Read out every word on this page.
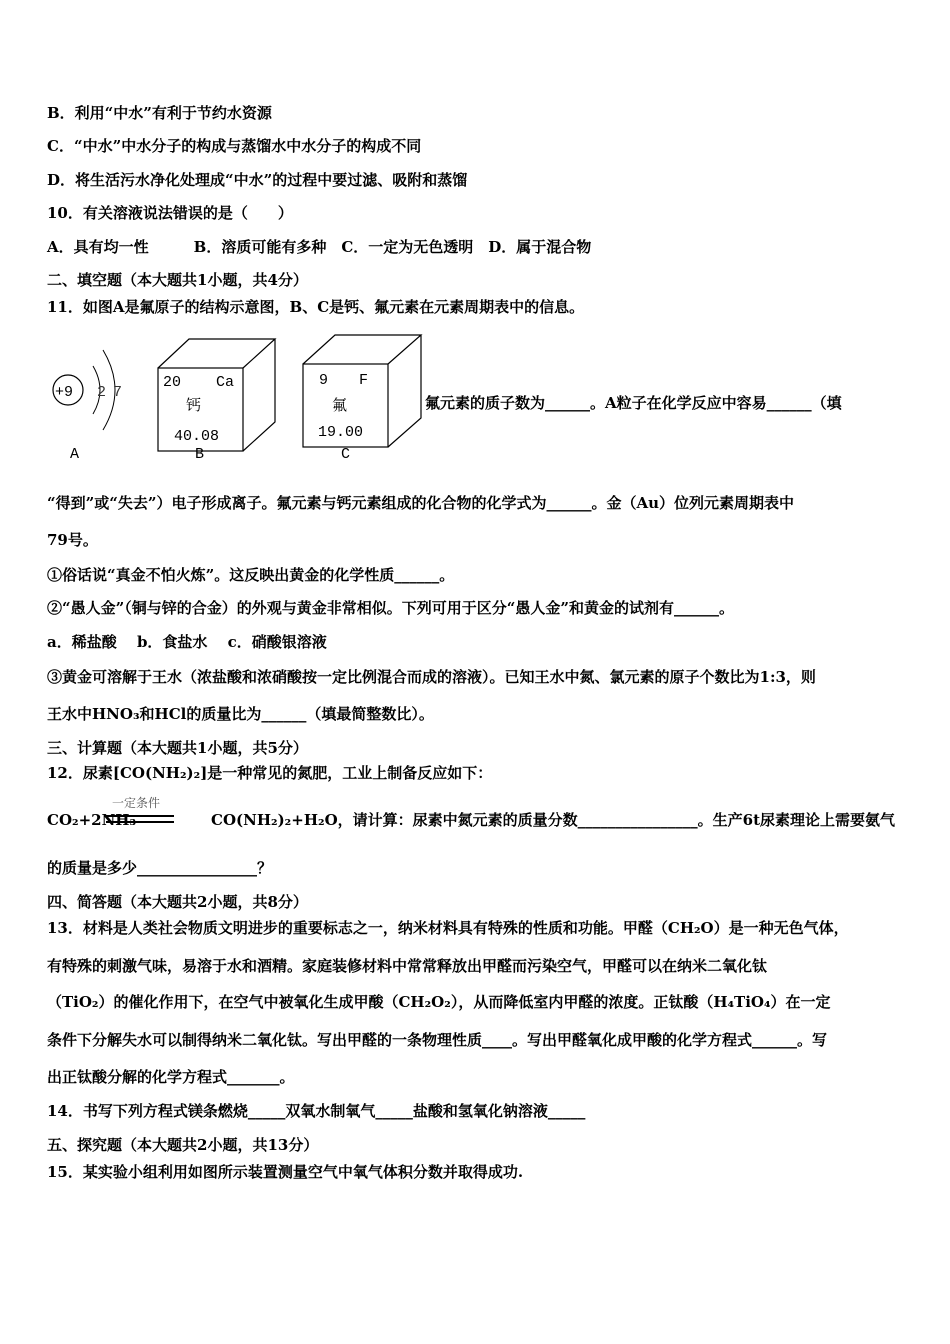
B．利用“中水”有利于节约水资源
C．“中水”中水分子的构成与蒸馏水中水分子的构成不同
D．将生活污水净化处理成“中水”的过程中要过滤、吸附和蒸馏
10．有关溶液说法错误的是（　　）
A．具有均一性　　　B．溶质可能有多种　C．一定为无色透明　D．属于混合物
二、填空题（本大题共1小题，共4分）
11．如图A是氟原子的结构示意图，B、C是钙、氟元素在元素周期表中的信息。
氟元素的质子数为______。A粒子在化学反应中容易______（填
“得到”或“失去”）电子形成离子。氟元素与钙元素组成的化合物的化学式为______。金（Au）位列元素周期表中
79号。
①俗话说“真金不怕火炼”。这反映出黄金的化学性质______。
②“愚人金”（铜与锌的合金）的外观与黄金非常相似。下列可用于区分“愚人金”和黄金的试剂有______。
a．稀盐酸　 b．食盐水　 c．硝酸银溶液
③黄金可溶解于王水（浓盐酸和浓硝酸按一定比例混合而成的溶液）。已知王水中氮、氯元素的原子个数比为1:3，则
王水中HNO₃和HCl的质量比为______（填最简整数比）。
三、计算题（本大题共1小题，共5分）
12．尿素[CO(NH₂)₂]是一种常见的氮肥，工业上制备反应如下：
CO₂+2NH₃　　　　　CO(NH₂)₂+H₂O，请计算：尿素中氮元素的质量分数________________。生产6t尿素理论上需要氨气
的质量是多少________________？
四、简答题（本大题共2小题，共8分）
13．材料是人类社会物质文明进步的重要标志之一，纳米材料具有特殊的性质和功能。甲醛（CH₂O）是一种无色气体，
有特殊的刺激气味，易溶于水和酒精。家庭装修材料中常常释放出甲醛而污染空气，甲醛可以在纳米二氧化钛
（TiO₂）的催化作用下，在空气中被氧化生成甲酸（CH₂O₂），从而降低室内甲醛的浓度。正钛酸（H₄TiO₄）在一定
条件下分解失水可以制得纳米二氧化钛。写出甲醛的一条物理性质____。写出甲醛氧化成甲酸的化学方程式______。写
出正钛酸分解的化学方程式_______。
14．书写下列方程式镁条燃烧_____双氧水制氧气_____盐酸和氢氧化钠溶液_____
五、探究题（本大题共2小题，共13分）
15．某实验小组利用如图所示装置测量空气中氧气体积分数并取得成功.
+9 2 7
A
20 Ca
钙
40.08
B
9 F
氟
19.00
C
一定条件
